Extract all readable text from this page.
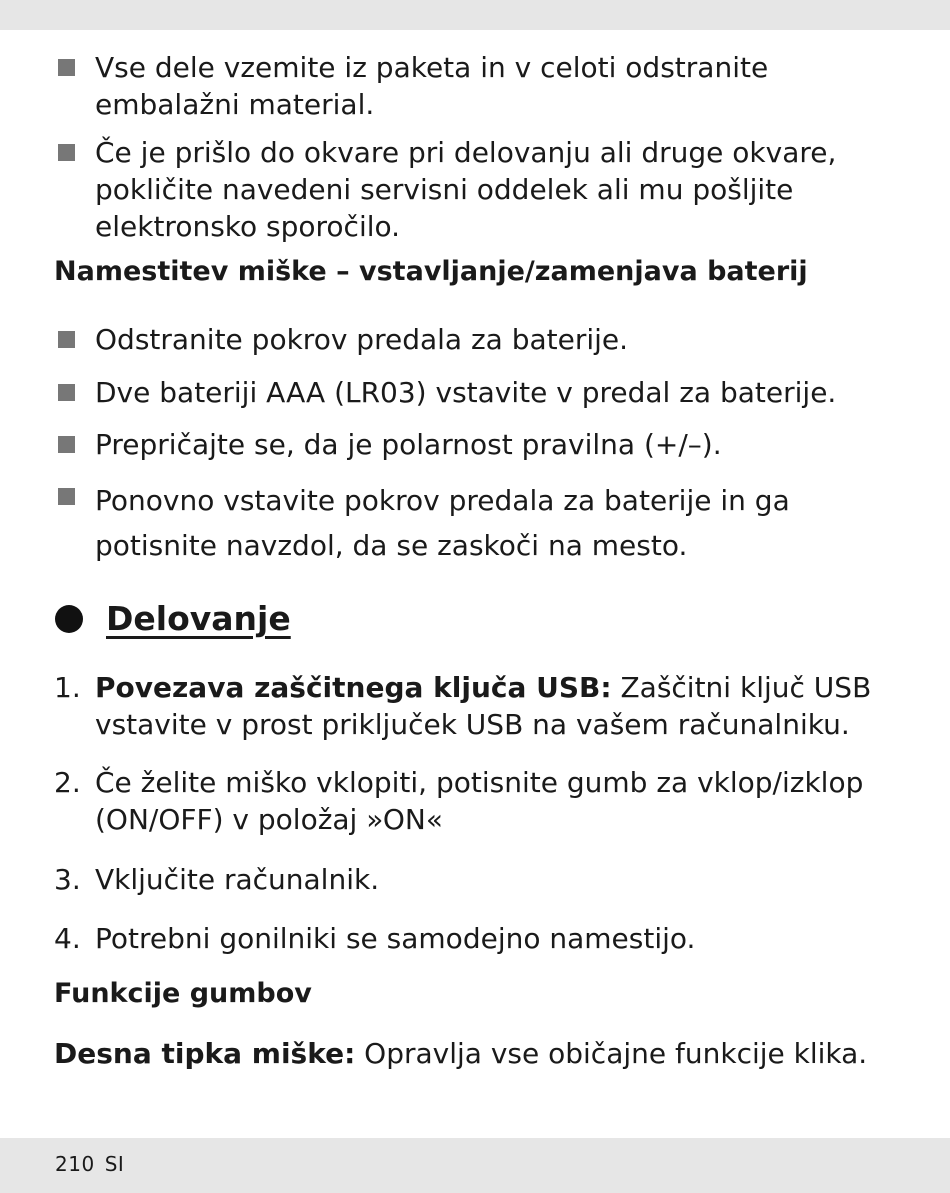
Vse dele vzemite iz paketa in v celoti odstranite embalažni material.
Če je prišlo do okvare pri delovanju ali druge okvare, pokličite navedeni servisni oddelek ali mu pošljite elektronsko sporočilo.
Namestitev miške – vstavljanje/zamenjava baterij
Odstranite pokrov predala za baterije.
Dve bateriji AAA (LR03) vstavite v predal za baterije.
Prepričajte se, da je polarnost pravilna (+/–).
Ponovno vstavite pokrov predala za baterije in ga potisnite navzdol, da se zaskoči na mesto.
Delovanje
1. Povezava zaščitnega ključa USB: Zaščitni ključ USB vstavite v prost priključek USB na vašem računalniku.
2. Če želite miško vklopiti, potisnite gumb za vklop/izklop (ON/OFF) v položaj »ON«
3. Vključite računalnik.
4. Potrebni gonilniki se samodejno namestijo.
Funkcije gumbov
Desna tipka miške: Opravlja vse običajne funkcije klika.
210 SI
